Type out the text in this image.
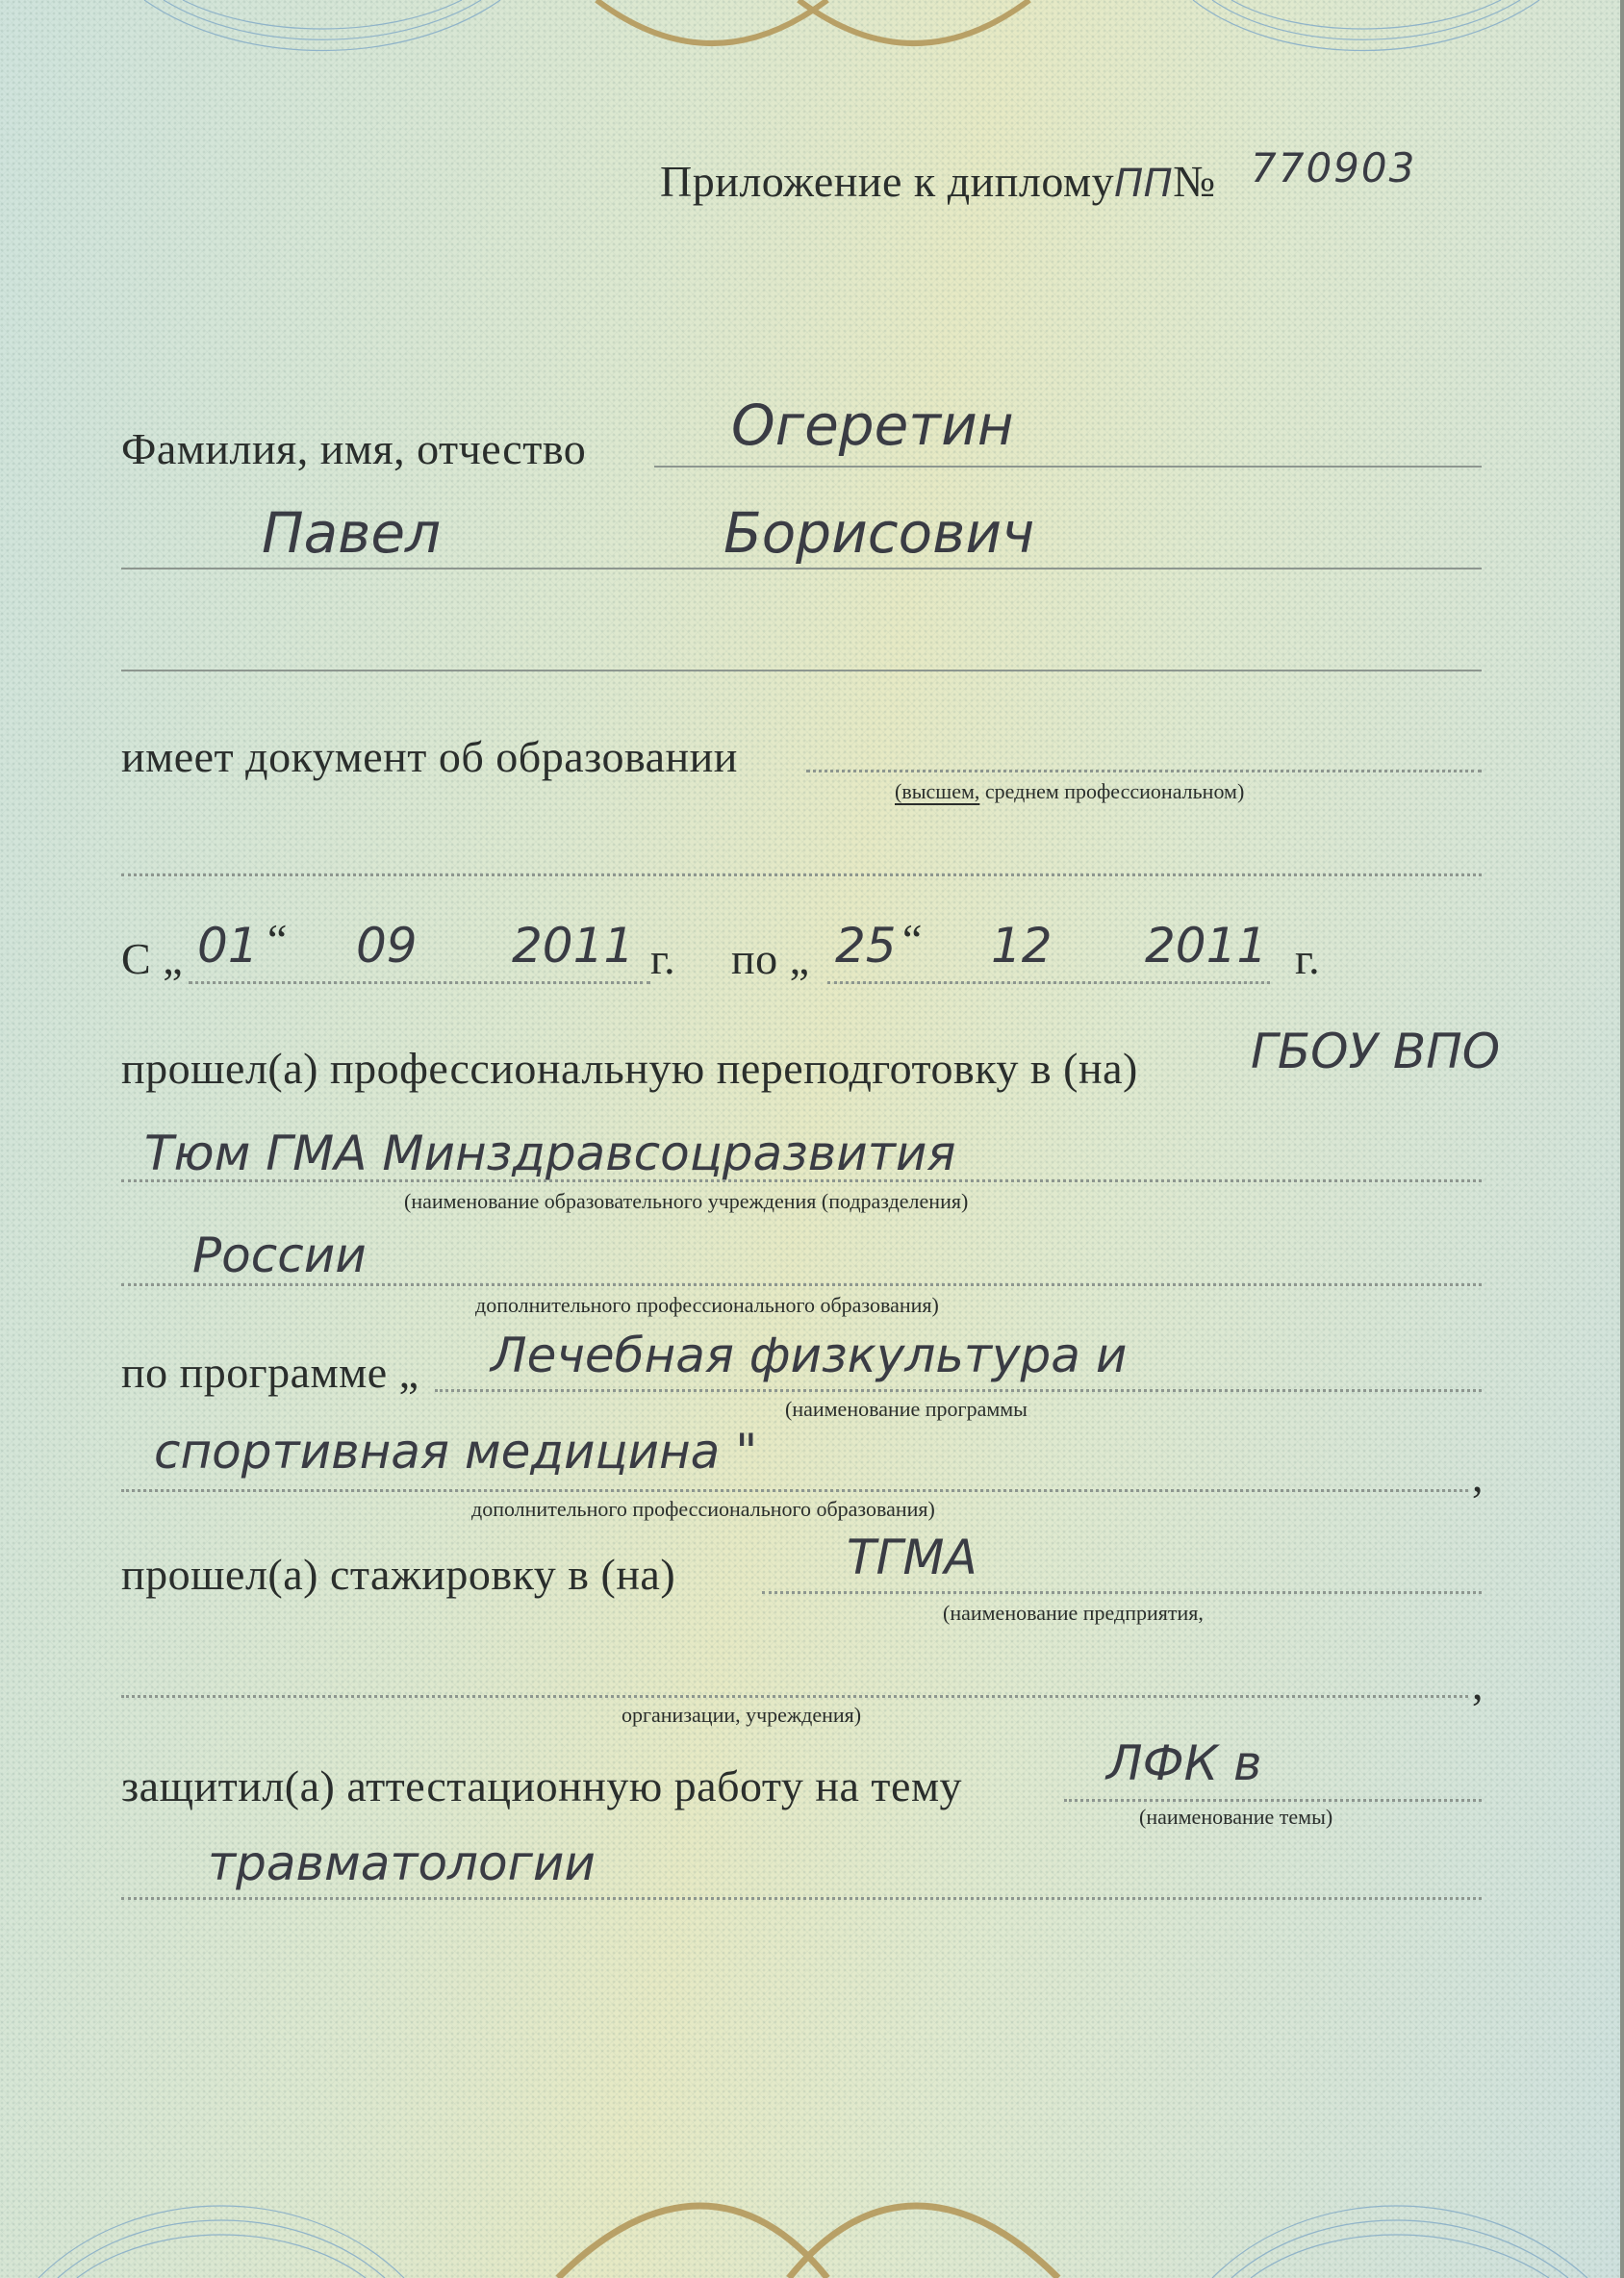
Приложение к дипломуПП№ 770903
Фамилия, имя, отчество	Огеретин
Павел	Борисович
имеет документ об образовании
(высшем, среднем профессиональном)
С „ 01 “ 09 2011 г. по „ 25 “ 12 2011 г.
прошел(а) профессиональную переподготовку в (на) ГБОУ ВПО
Тюм ГМА Минздравсоцразвития
(наименование образовательного учреждения (подразделения)
России
дополнительного профессионального образования)
по программе „ Лечебная физкультура и
(наименование программы
спортивная медицина "	,
дополнительного профессионального образования)
прошел(а) стажировку в (на)	ТГМА
(наименование предприятия,
,
организации, учреждения)
защитил(а) аттестационную работу на тему	ЛФК в
(наименование темы)
травматологии
